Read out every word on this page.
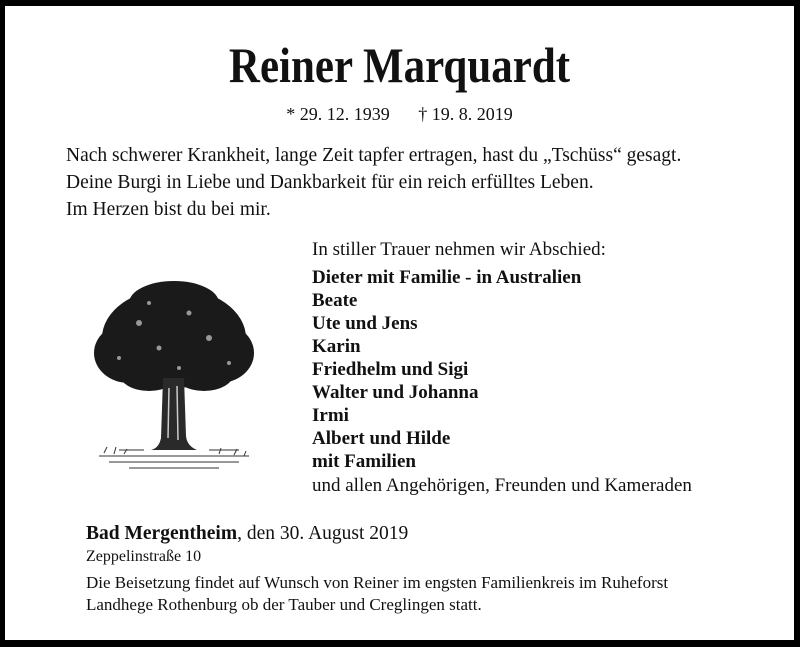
Reiner Marquardt
* 29. 12. 1939 † 19. 8. 2019
Nach schwerer Krankheit, lange Zeit tapfer ertragen, hast du „Tschüss“ gesagt.
Deine Burgi in Liebe und Dankbarkeit für ein reich erfülltes Leben.
Im Herzen bist du bei mir.
In stiller Trauer nehmen wir Abschied:
Dieter mit Familie - in Australien
Beate
Ute und Jens
Karin
Friedhelm und Sigi
Walter und Johanna
Irmi
Albert und Hilde
mit Familien
und allen Angehörigen, Freunden und Kameraden
Bad Mergentheim, den 30. August 2019
Zeppelinstraße 10
Die Beisetzung findet auf Wunsch von Reiner im engsten Familienkreis im Ruheforst
Landhege Rothenburg ob der Tauber und Creglingen statt.
